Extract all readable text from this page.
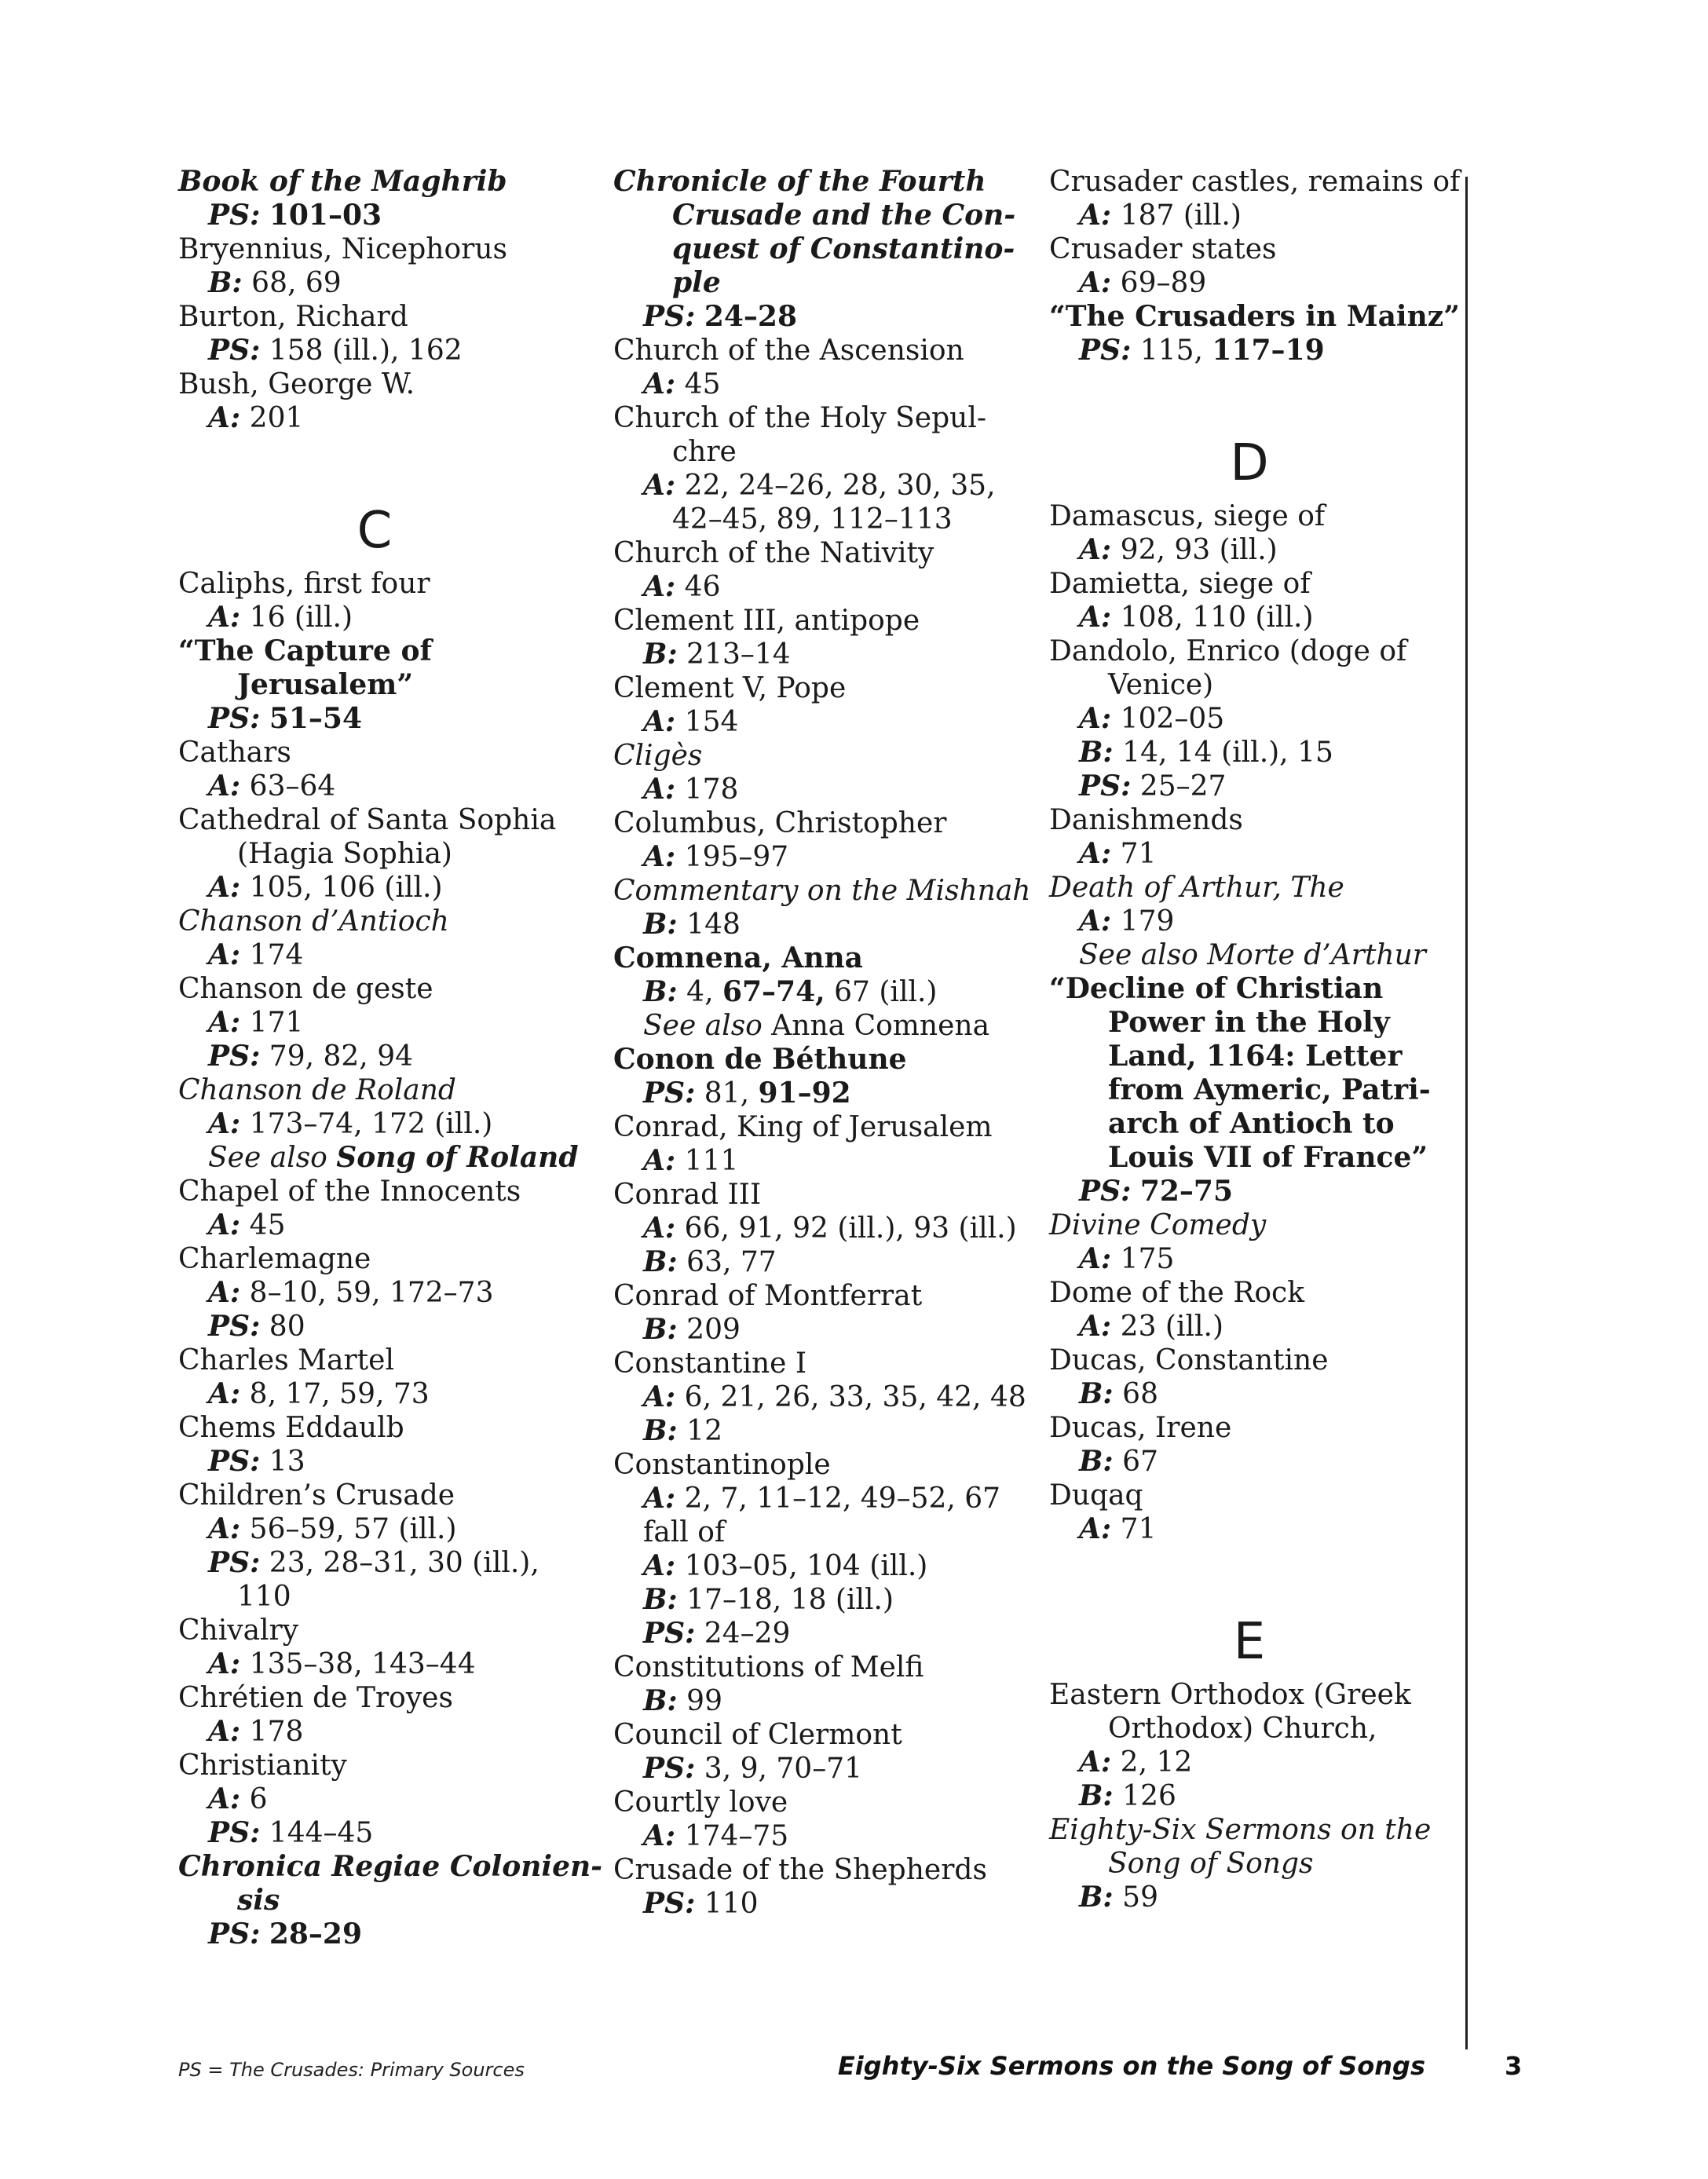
Book of the Maghrib
PS: 101–03
Bryennius, Nicephorus
B: 68, 69
Burton, Richard
PS: 158 (ill.), 162
Bush, George W.
A: 201
C
Caliphs, first four
A: 16 (ill.)
“The Capture of
Jerusalem”
PS: 51–54
Cathars
A: 63–64
Cathedral of Santa Sophia
(Hagia Sophia)
A: 105, 106 (ill.)
Chanson d’Antioch
A: 174
Chanson de geste
A: 171
PS: 79, 82, 94
Chanson de Roland
A: 173–74, 172 (ill.)
See also Song of Roland
Chapel of the Innocents
A: 45
Charlemagne
A: 8–10, 59, 172–73
PS: 80
Charles Martel
A: 8, 17, 59, 73
Chems Eddaulb
PS: 13
Children’s Crusade
A: 56–59, 57 (ill.)
PS: 23, 28–31, 30 (ill.),
110
Chivalry
A: 135–38, 143–44
Chrétien de Troyes
A: 178
Christianity
A: 6
PS: 144–45
Chronica Regiae Colonien-
sis
PS: 28–29
Chronicle of the Fourth
Crusade and the Con-
quest of Constantino-
ple
PS: 24–28
Church of the Ascension
A: 45
Church of the Holy Sepul-
chre
A: 22, 24–26, 28, 30, 35,
42–45, 89, 112–113
Church of the Nativity
A: 46
Clement III, antipope
B: 213–14
Clement V, Pope
A: 154
Cligès
A: 178
Columbus, Christopher
A: 195–97
Commentary on the Mishnah
B: 148
Comnena, Anna
B: 4, 67–74, 67 (ill.)
See also Anna Comnena
Conon de Béthune
PS: 81, 91–92
Conrad, King of Jerusalem
A: 111
Conrad III
A: 66, 91, 92 (ill.), 93 (ill.)
B: 63, 77
Conrad of Montferrat
B: 209
Constantine I
A: 6, 21, 26, 33, 35, 42, 48
B: 12
Constantinople
A: 2, 7, 11–12, 49–52, 67
fall of
A: 103–05, 104 (ill.)
B: 17–18, 18 (ill.)
PS: 24–29
Constitutions of Melfi
B: 99
Council of Clermont
PS: 3, 9, 70–71
Courtly love
A: 174–75
Crusade of the Shepherds
PS: 110
Crusader castles, remains of
A: 187 (ill.)
Crusader states
A: 69–89
“The Crusaders in Mainz”
PS: 115, 117–19
D
Damascus, siege of
A: 92, 93 (ill.)
Damietta, siege of
A: 108, 110 (ill.)
Dandolo, Enrico (doge of
Venice)
A: 102–05
B: 14, 14 (ill.), 15
PS: 25–27
Danishmends
A: 71
Death of Arthur, The
A: 179
See also Morte d’Arthur
“Decline of Christian
Power in the Holy
Land, 1164: Letter
from Aymeric, Patri-
arch of Antioch to
Louis VII of France”
PS: 72–75
Divine Comedy
A: 175
Dome of the Rock
A: 23 (ill.)
Ducas, Constantine
B: 68
Ducas, Irene
B: 67
Duqaq
A: 71
E
Eastern Orthodox (Greek
Orthodox) Church,
A: 2, 12
B: 126
Eighty-Six Sermons on the
Song of Songs
B: 59
PS = The Crusades: Primary Sources	Eighty-Six Sermons on the Song of Songs	3
